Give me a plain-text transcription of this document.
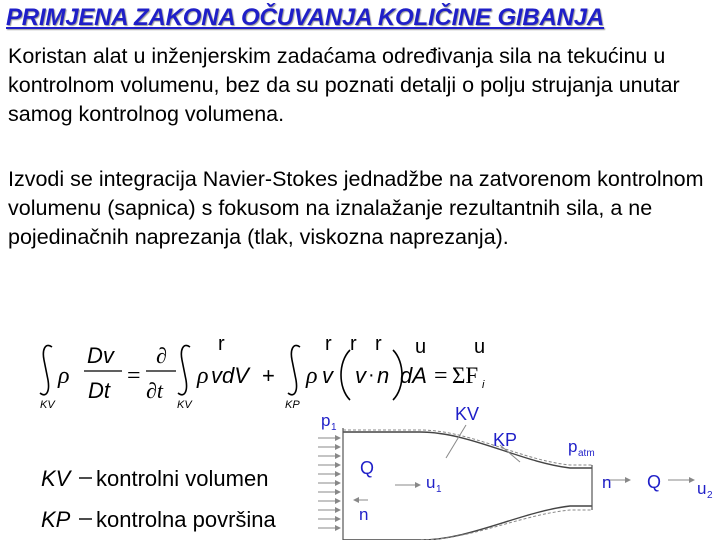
PRIMJENA ZAKONA OČUVANJA KOLIČINE GIBANJA

Koristan alat u inženjerskim zadaćama određivanja sila na tekućinu u kontrolnom volumenu, bez da su poznati detalji o polju strujanja unutar samog kontrolnog volumena.

Izvodi se integracija Navier-Stokes jednadžbe na zatvorenom kontrolnom volumenu (sapnica) s fokusom na iznalažanje rezultantnih sila, a ne pojedinačnih naprezanja (tlak, viskozna naprezanja).

KV
ρ
Dv
Dt
=
∂
∂t
KV
r
ρ v dV +
KP
r r r u u
ρ v v · n dA = ΣF i
KV kontrolni volumen
KP kontrolna površina
p 1
KV
KP	p atm
Q
u 1
n
n Q u 2
